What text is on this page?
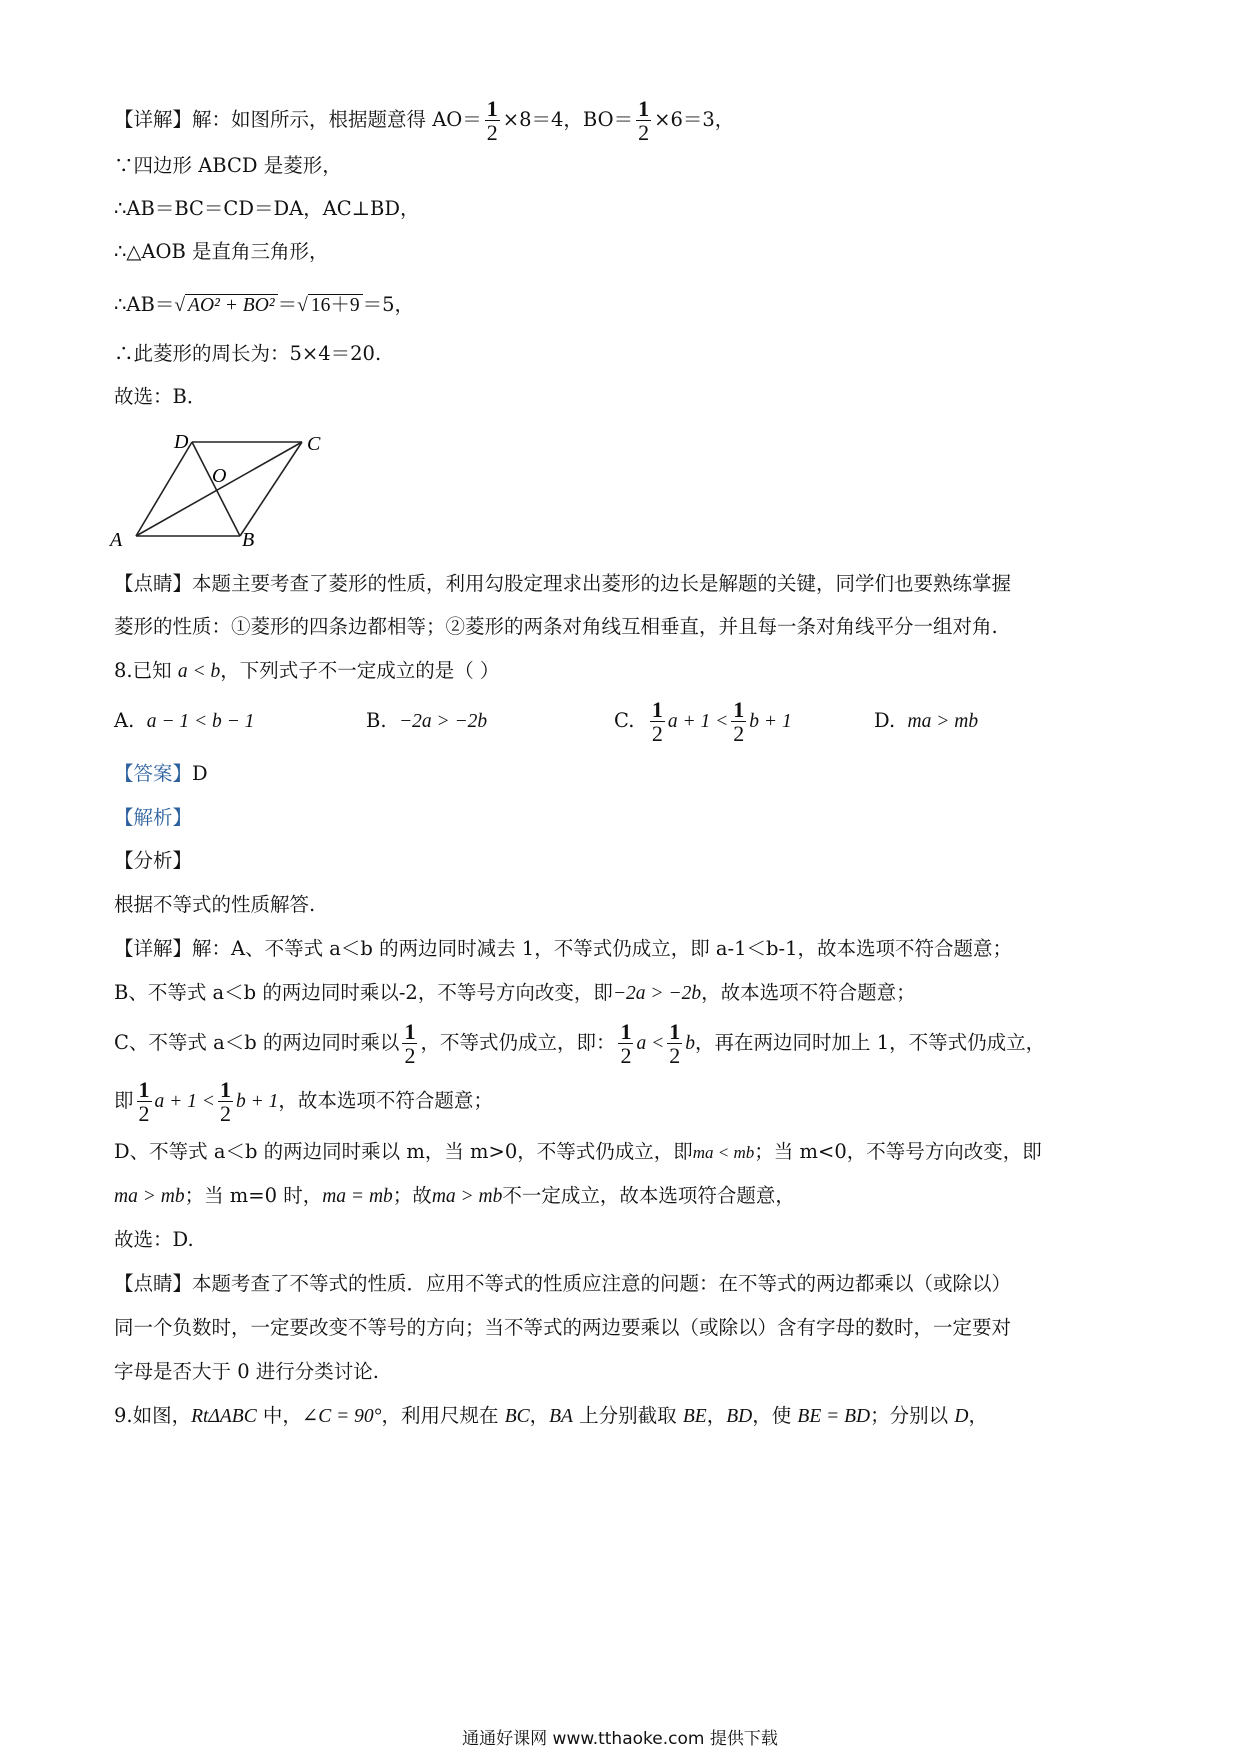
【详解】解：如图所示，根据题意得 $AO= \frac{1}{2} \times 8=4$，$BO= \frac{1}{2} \times 6=3$，
∵四边形 ABCD 是菱形，
∴AB＝BC＝CD＝DA，AC⊥BD，
∴△AOB 是直角三角形，
∴AB＝√ AO² + BO² ＝√ 16＋9 ＝5，
∴此菱形的周长为：5×4＝20.
故选：B．
A	B
C
D
O
【点睛】本题主要考查了菱形的性质，利用勾股定理求出菱形的边长是解题的关键，同学们也要熟练掌握
菱形的性质：①菱形的四条边都相等；②菱形的两条对角线互相垂直，并且每一条对角线平分一组对角.
8.已知 a < b，下列式子不一定成立的是（ ）
A. a − 1 < b − 1	B. −2a > −2b	C. $\frac{1}{2}$ $a + 1 < \frac{1}{2}$ b + 1	D. ma > mb
【答案】D
【解析】
【分析】
根据不等式的性质解答.
【详解】解：A、不等式 a＜b 的两边同时减去 1，不等式仍成立，即 a-1＜b-1，故本选项不符合题意；
B、不等式 a＜b 的两边同时乘以-2，不等号方向改变，即−2a > −2b，故本选项不符合题意；
C、不等式 a＜b 的两边同时乘以 $\frac{1}{2}$ ，不等式仍成立，即： $\frac{1}{2}$ $a < \frac{1}{2}$ b，再在两边同时加上 1，不等式仍成立，
即 $\frac{1}{2}$ $a + 1 < \frac{1}{2}$ b + 1，故本选项不符合题意；
D、不等式 a＜b 的两边同时乘以 m，当 m>0，不等式仍成立，即ma < mb；当 m<0，不等号方向改变，即
ma > mb；当 m=0 时，ma = mb；故ma > mb不一定成立，故本选项符合题意，
故选：D.
【点睛】本题考查了不等式的性质．应用不等式的性质应注意的问题：在不等式的两边都乘以（或除以）
同一个负数时，一定要改变不等号的方向；当不等式的两边要乘以（或除以）含有字母的数时，一定要对
字母是否大于 0 进行分类讨论.
9.如图，RtΔABC 中，∠C = 90°，利用尺规在 BC，BA 上分别截取 BE，BD，使 BE = BD；分别以 D，
通通好课网 www.tthaoke.com 提供下载
